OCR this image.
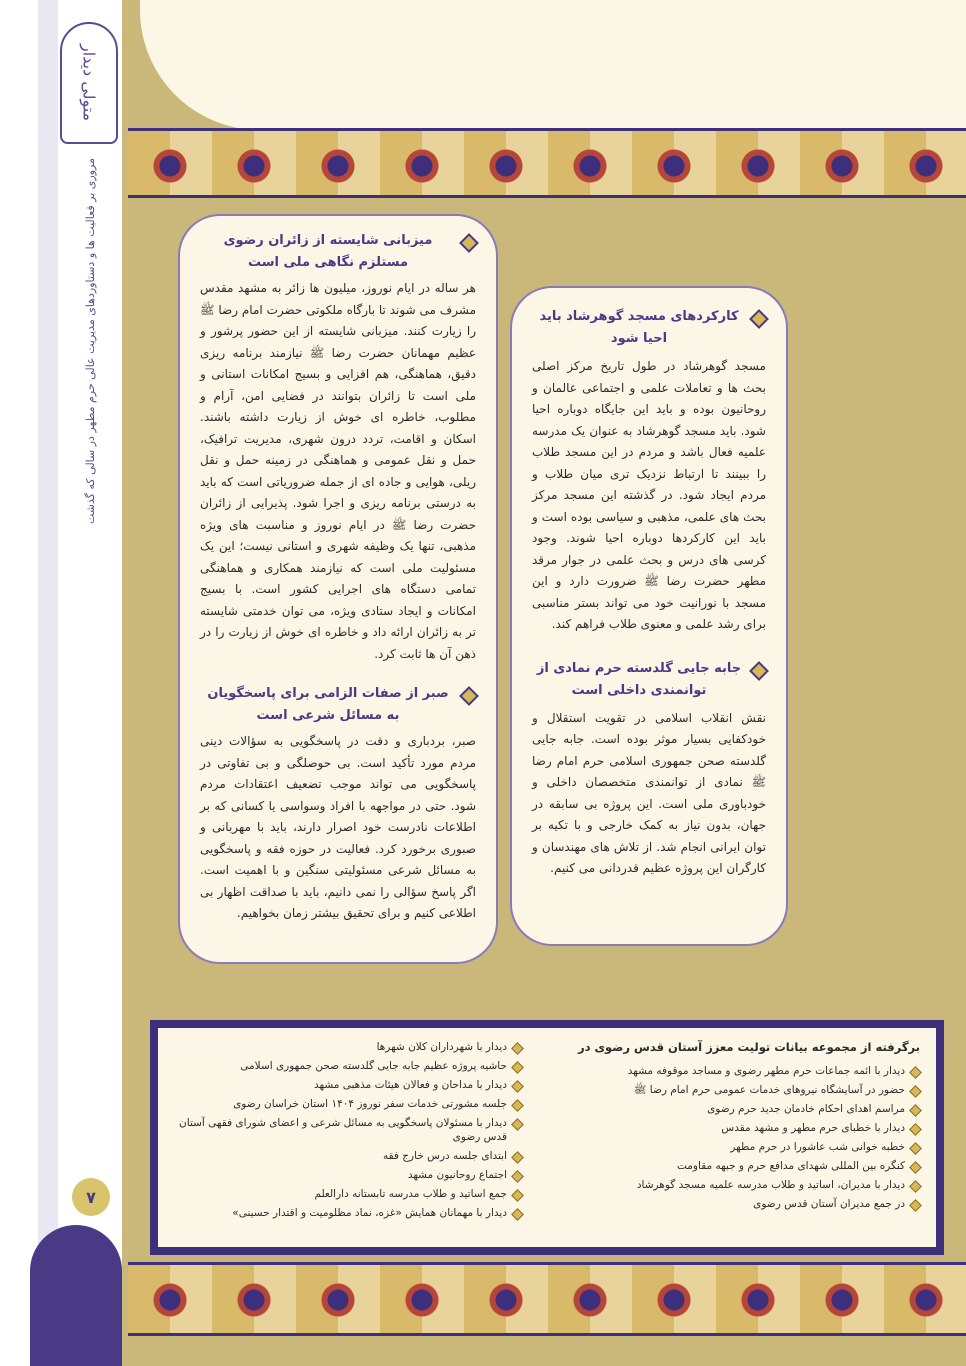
متولی دیدار
مروری بر فعالیت ها و دستاوردهای مدیریت عالی حرم مطهر در سالی که گذشت
۷
میزبانی شایسته از زائران رضوی مستلزم نگاهی ملی است
هر ساله در ایام نوروز، میلیون ها زائر به مشهد مقدس مشرف می شوند تا بارگاه ملکوتی حضرت امام رضا ﷺ را زیارت کنند. میزبانی شایسته از این حضور پرشور و عظیم مهمانان حضرت رضا ﷺ نیازمند برنامه ریزی دقیق، هماهنگی، هم افزایی و بسیج امکانات استانی و ملی است تا زائران بتوانند در فضایی امن، آرام و مطلوب، خاطره ای خوش از زیارت داشته باشند. اسکان و اقامت، تردد درون شهری، مدیریت ترافیک، حمل و نقل عمومی و هماهنگی در زمینه حمل و نقل ریلی، هوایی و جاده ای از جمله ضروریاتی است که باید به درستی برنامه ریزی و اجرا شود. پذیرایی از زائران حضرت رضا ﷺ در ایام نوروز و مناسبت های ویژه مذهبی، تنها یک وظیفه شهری و استانی نیست؛ این یک مسئولیت ملی است که نیازمند همکاری و هماهنگی تمامی دستگاه های اجرایی کشور است. با بسیج امکانات و ایجاد ستادی ویژه، می توان خدمتی شایسته تر به زائران ارائه داد و خاطره ای خوش از زیارت را در ذهن آن ها ثابت کرد.
صبر از صفات الزامی برای پاسخگویان به مسائل شرعی است
صبر، بردباری و دقت در پاسخگویی به سؤالات دینی مردم مورد تأکید است. بی حوصلگی و بی تفاوتی در پاسخگویی می تواند موجب تضعیف اعتقادات مردم شود. حتی در مواجهه با افراد وسواسی یا کسانی که بر اطلاعات نادرست خود اصرار دارند، باید با مهربانی و صبوری برخورد کرد. فعالیت در حوزه فقه و پاسخگویی به مسائل شرعی مسئولیتی سنگین و با اهمیت است. اگر پاسخ سؤالی را نمی دانیم، باید با صداقت اظهار بی اطلاعی کنیم و برای تحقیق بیشتر زمان بخواهیم.
کارکردهای مسجد گوهرشاد باید احیا شود
مسجد گوهرشاد در طول تاریخ مرکز اصلی بحث ها و تعاملات علمی و اجتماعی عالمان و روحانیون بوده و باید این جایگاه دوباره احیا شود. باید مسجد گوهرشاد به عنوان یک مدرسه علمیه فعال باشد و مردم در این مسجد طلاب را ببینند تا ارتباط نزدیک تری میان طلاب و مردم ایجاد شود. در گذشته این مسجد مرکز بحث های علمی، مذهبی و سیاسی بوده است و باید این کارکردها دوباره احیا شوند. وجود کرسی های درس و بحث علمی در جوار مرقد مطهر حضرت رضا ﷺ ضرورت دارد و این مسجد با نورانیت خود می تواند بستر مناسبی برای رشد علمی و معنوی طلاب فراهم کند.
جابه جایی گلدسته حرم نمادی از توانمندی داخلی است
نقش انقلاب اسلامی در تقویت استقلال و خودکفایی بسیار موثر بوده است. جابه جایی گلدسته صحن جمهوری اسلامی حرم امام رضا ﷺ نمادی از توانمندی متخصصان داخلی و خودباوری ملی است. این پروژه بی سابقه در جهان، بدون نیاز به کمک خارجی و با تکیه بر توان ایرانی انجام شد. از تلاش های مهندسان و کارگران این پروژه عظیم قدردانی می کنیم.
برگرفته از مجموعه بیانات تولیت معزز آستان قدس رضوی در
دیدار با ائمه جماعات حرم مطهر رضوی و مساجد موقوفه مشهد
حضور در آسایشگاه نیروهای خدمات عمومی حرم امام رضا ﷺ
مراسم اهدای احکام خادمان جدید حرم رضوی
دیدار با خطبای حرم مطهر و مشهد مقدس
خطبه خوانی شب عاشورا در حرم مطهر
کنگره بین المللی شهدای مدافع حرم و جبهه مقاومت
دیدار با مدیران، اساتید و طلاب مدرسه علمیه مسجد گوهرشاد
در جمع مدیران آستان قدس رضوی
دیدار با شهرداران کلان شهرها
حاشیه پروژه عظیم جابه جایی گلدسته صحن جمهوری اسلامی
دیدار با مداحان و فعالان هیئات مذهبی مشهد
جلسه مشورتی خدمات سفر نوروز ۱۴۰۴ استان خراسان رضوی
دیدار با مسئولان پاسخگویی به مسائل شرعی و اعضای شورای فقهی آستان قدس رضوی
ابتدای جلسه درس خارج فقه
اجتماع روحانیون مشهد
جمع اساتید و طلاب مدرسه تابستانه دارالعلم
دیدار با مهمانان همایش «غزه، نماد مظلومیت و اقتدار حسینی»
